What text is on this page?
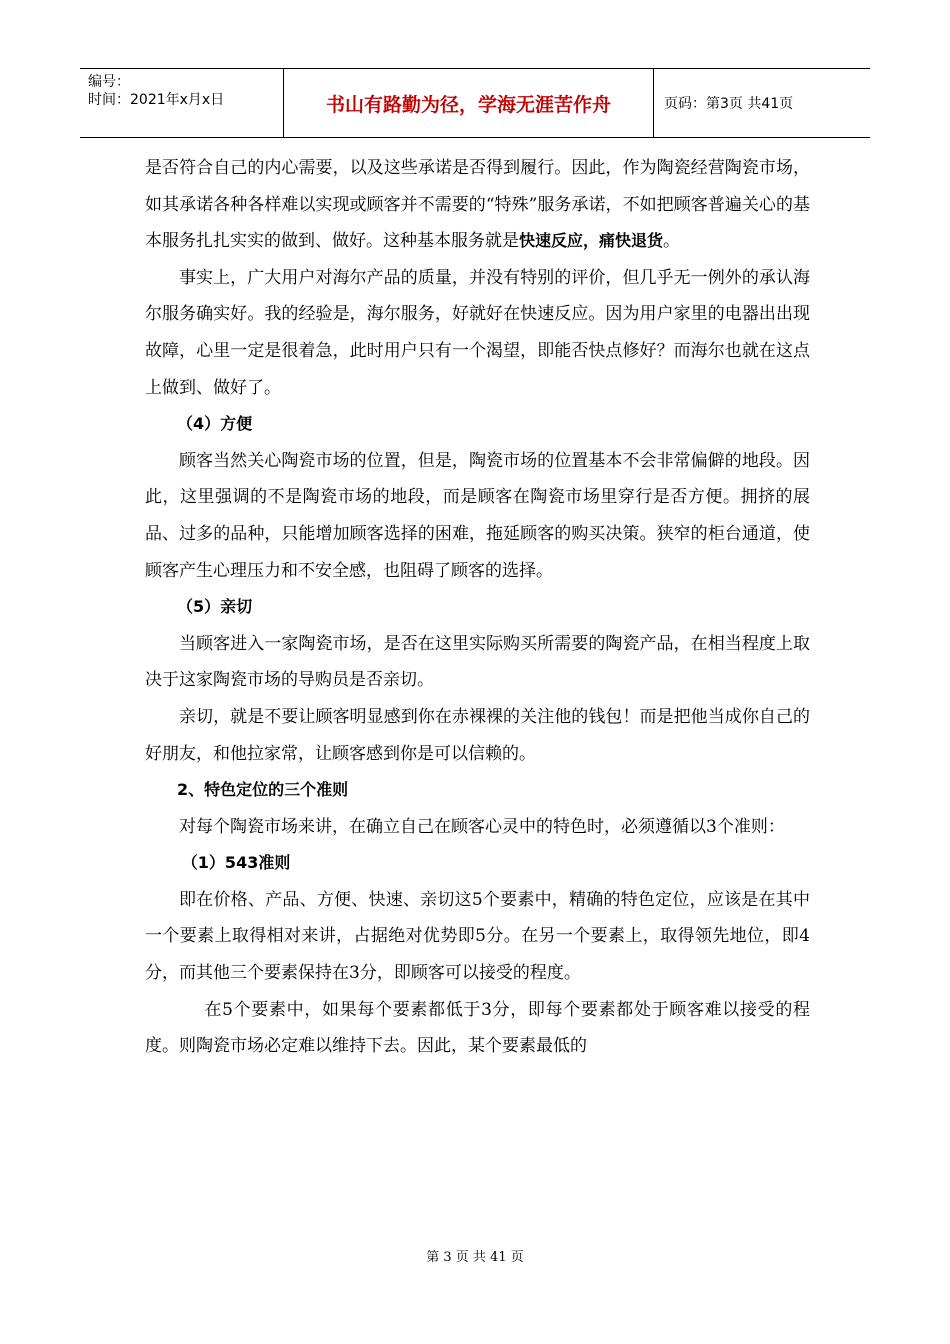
编号：
时间：2021年x月x日	书山有路勤为径，学海无涯苦作舟	页码：第3页 共41页

是否符合自己的内心需要，以及这些承诺是否得到履行。因此，作为陶瓷经营陶瓷市场，如其承诺各种各样难以实现或顾客并不需要的“特殊”服务承诺，不如把顾客普遍关心的基本服务扎扎实实的做到、做好。这种基本服务就是快速反应，痛快退货。

事实上，广大用户对海尔产品的质量，并没有特别的评价，但几乎无一例外的承认海尔服务确实好。我的经验是，海尔服务，好就好在快速反应。因为用户家里的电器出出现故障，心里一定是很着急，此时用户只有一个渴望，即能否快点修好？而海尔也就在这点上做到、做好了。

（4）方便

顾客当然关心陶瓷市场的位置，但是，陶瓷市场的位置基本不会非常偏僻的地段。因此，这里强调的不是陶瓷市场的地段，而是顾客在陶瓷市场里穿行是否方便。拥挤的展品、过多的品种，只能增加顾客选择的困难，拖延顾客的购买决策。狭窄的柜台通道，使顾客产生心理压力和不安全感，也阻碍了顾客的选择。

（5）亲切

当顾客进入一家陶瓷市场，是否在这里实际购买所需要的陶瓷产品，在相当程度上取决于这家陶瓷市场的导购员是否亲切。

亲切，就是不要让顾客明显感到你在赤裸裸的关注他的钱包！而是把他当成你自己的好朋友，和他拉家常，让顾客感到你是可以信赖的。

2、特色定位的三个准则

对每个陶瓷市场来讲，在确立自己在顾客心灵中的特色时，必须遵循以3个准则：

（1）543准则

即在价格、产品、方便、快速、亲切这5个要素中，精确的特色定位，应该是在其中一个要素上取得相对来讲，占据绝对优势即5分。在另一个要素上，取得领先地位，即4分，而其他三个要素保持在3分，即顾客可以接受的程度。

在5个要素中，如果每个要素都低于3分，即每个要素都处于顾客难以接受的程度。则陶瓷市场必定难以维持下去。因此，某个要素最低的

第 3 页 共 41 页
